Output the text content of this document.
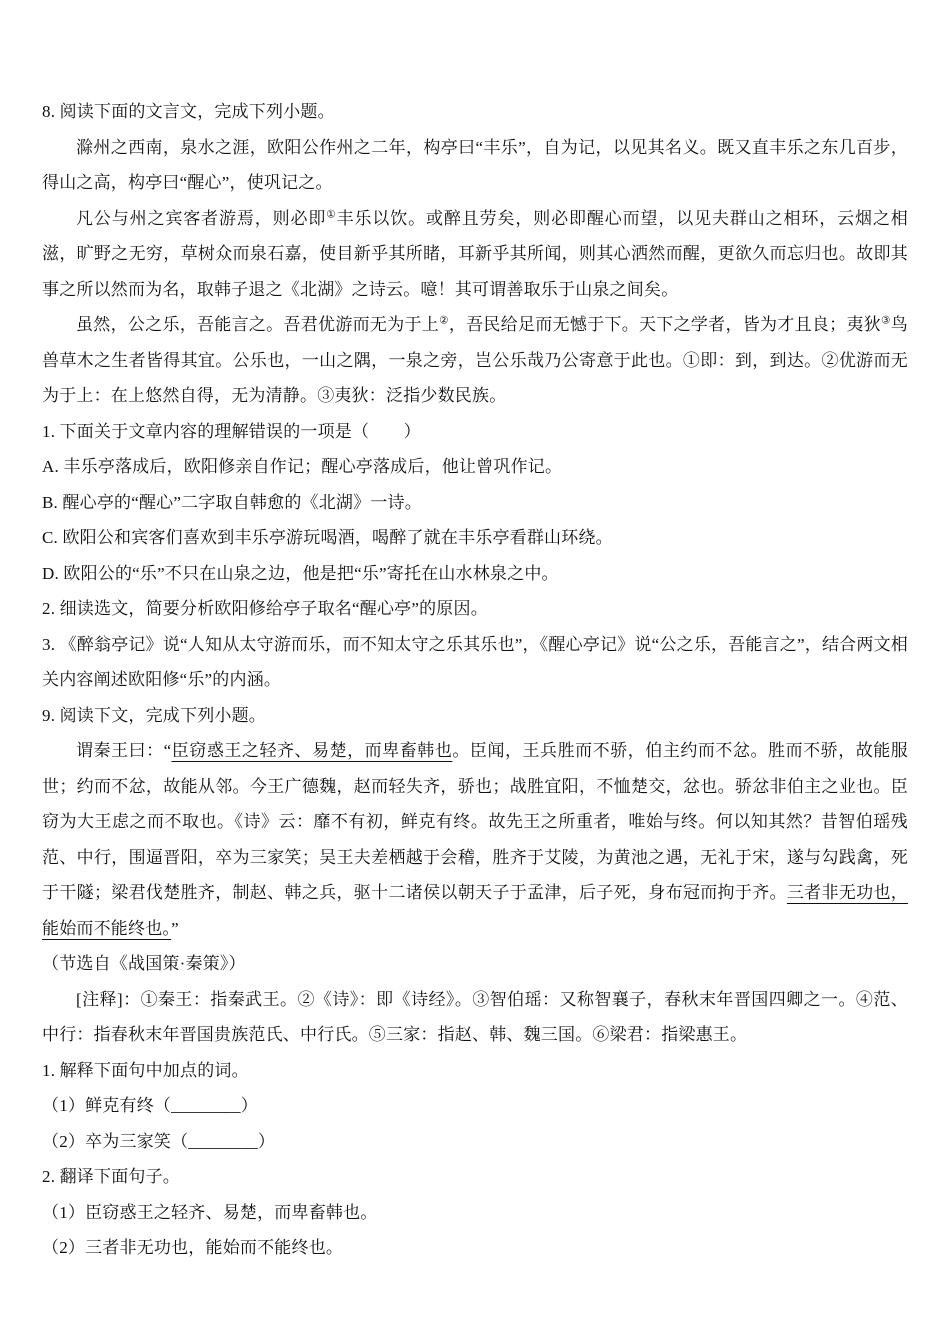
8. 阅读下面的文言文，完成下列小题。

滁州之西南，泉水之涯，欧阳公作州之二年，构亭曰“丰乐”，自为记，以见其名义。既又直丰乐之东几百步，得山之高，构亭曰“醒心”，使巩记之。

凡公与州之宾客者游焉，则必即①丰乐以饮。或醉且劳矣，则必即醒心而望，以见夫群山之相环，云烟之相滋，旷野之无穷，草树众而泉石嘉，使目新乎其所睹，耳新乎其所闻，则其心洒然而醒，更欲久而忘归也。故即其事之所以然而为名，取韩子退之《北湖》之诗云。噫！其可谓善取乐于山泉之间矣。

虽然，公之乐，吾能言之。吾君优游而无为于上②，吾民给足而无憾于下。天下之学者，皆为才且良；夷狄③鸟兽草木之生者皆得其宜。公乐也，一山之隅，一泉之旁，岂公乐哉乃公寄意于此也。①即：到，到达。②优游而无为于上：在上悠然自得，无为清静。③夷狄：泛指少数民族。

1. 下面关于文章内容的理解错误的一项是（　　）

A. 丰乐亭落成后，欧阳修亲自作记；醒心亭落成后，他让曾巩作记。

B. 醒心亭的“醒心”二字取自韩愈的《北湖》一诗。

C. 欧阳公和宾客们喜欢到丰乐亭游玩喝酒，喝醉了就在丰乐亭看群山环绕。

D. 欧阳公的“乐”不只在山泉之边，他是把“乐”寄托在山水林泉之中。

2. 细读选文，简要分析欧阳修给亭子取名“醒心亭”的原因。

3. 《醉翁亭记》说“人知从太守游而乐，而不知太守之乐其乐也”，《醒心亭记》说“公之乐，吾能言之”，结合两文相关内容阐述欧阳修“乐”的内涵。

9. 阅读下文，完成下列小题。

谓秦王曰：“臣窃惑王之轻齐、易楚，而卑畜韩也。臣闻，王兵胜而不骄，伯主约而不忿。胜而不骄，故能服世；约而不忿，故能从邻。今王广德魏，赵而轻失齐，骄也；战胜宜阳，不恤楚交，忿也。骄忿非伯主之业也。臣窃为大王虑之而不取也。《诗》云：靡不有初，鲜克有终。故先王之所重者，唯始与终。何以知其然？昔智伯瑶残范、中行，围逼晋阳，卒为三家笑；吴王夫差栖越于会稽，胜齐于艾陵，为黄池之遇，无礼于宋，遂与勾践禽，死于干隧；梁君伐楚胜齐，制赵、韩之兵，驱十二诸侯以朝天子于孟津，后子死，身布冠而拘于齐。三者非无功也，能始而不能终也。”

（节选自《战国策·秦策》）

[注释]：①秦王：指秦武王。②《诗》：即《诗经》。③智伯瑶：又称智襄子，春秋末年晋国四卿之一。④范、中行：指春秋末年晋国贵族范氏、中行氏。⑤三家：指赵、韩、魏三国。⑥梁君：指梁惠王。

1. 解释下面句中加点的词。

（1）鲜克有终（________）

（2）卒为三家笑（________）

2. 翻译下面句子。

（1）臣窃惑王之轻齐、易楚，而卑畜韩也。

（2）三者非无功也，能始而不能终也。
